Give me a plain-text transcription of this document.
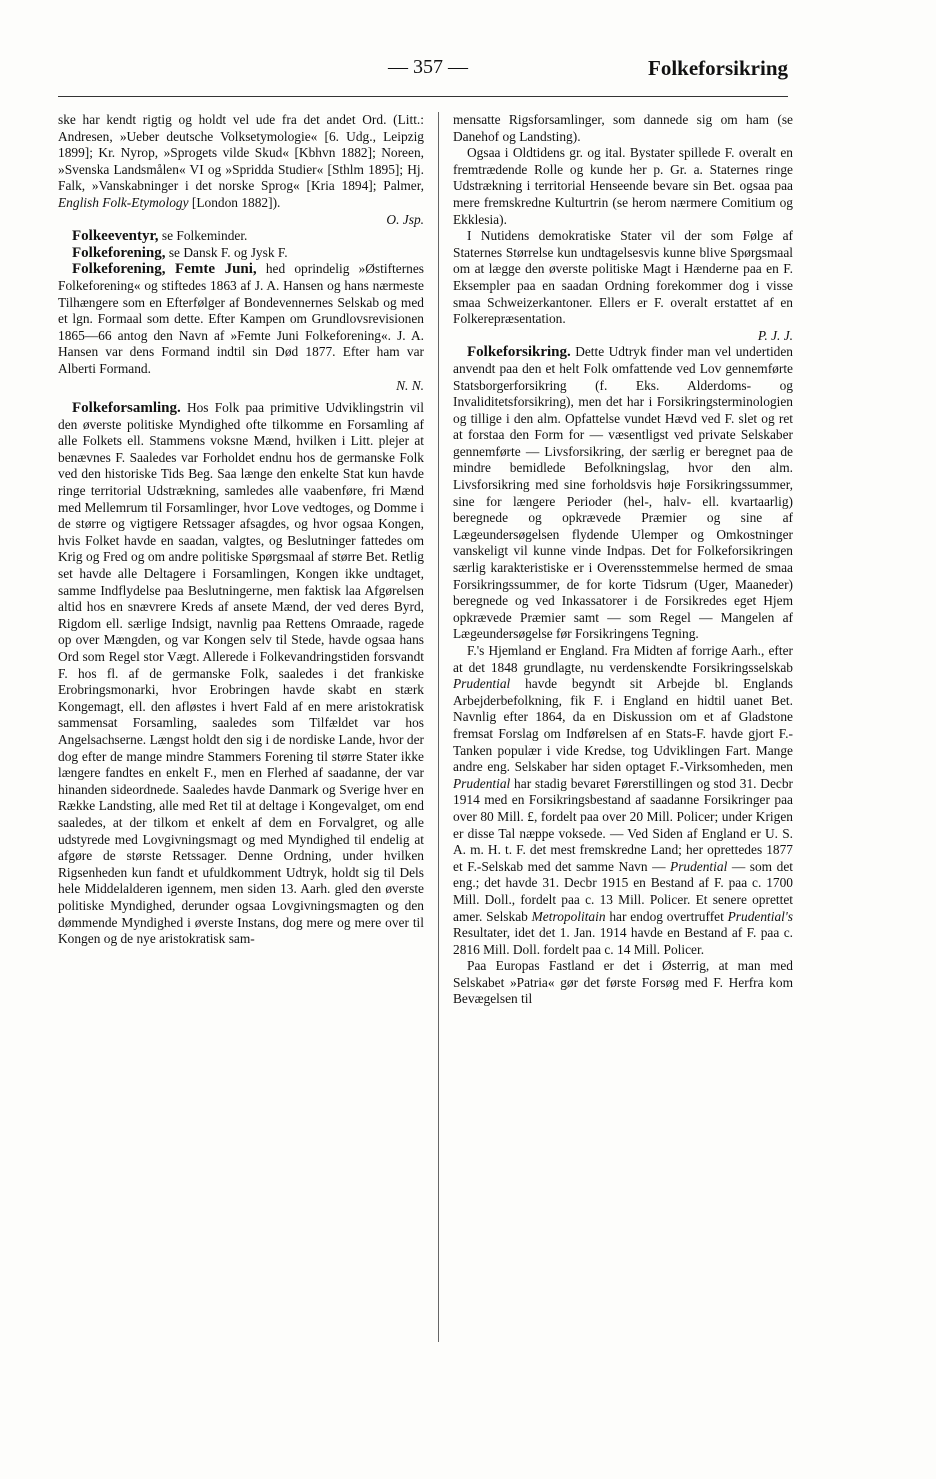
— 357 —	Folkeforsikring

ske har kendt rigtig og holdt vel ude fra det andet Ord. (Litt.: Andresen, »Ueber deutsche Volksetymologie« [6. Udg., Leipzig 1899]; Kr. Nyrop, »Sprogets vilde Skud« [Kbhvn 1882]; Noreen, »Svenska Landsmålen« VI og »Spridda Studier« [Sthlm 1895]; Hj. Falk, »Vanskabninger i det norske Sprog« [Kria 1894]; Palmer, English Folk-Etymology [London 1882]).

O. Jsp.

Folkeeventyr, se Folkeminder.

Folkeforening, se Dansk F. og Jysk F.

Folkeforening, Femte Juni, hed oprindelig »Østifternes Folkeforening« og stiftedes 1863 af J. A. Hansen og hans nærmeste Tilhængere som en Efterfølger af Bondevennernes Selskab og med et lgn. Formaal som dette. Efter Kampen om Grundlovsrevisionen 1865—66 antog den Navn af »Femte Juni Folkeforening«. J. A. Hansen var dens Formand indtil sin Død 1877. Efter ham var Alberti Formand.

N. N.

Folkeforsamling. Hos Folk paa primitive Udviklingstrin vil den øverste politiske Myndighed ofte tilkomme en Forsamling af alle Folkets ell. Stammens voksne Mænd, hvilken i Litt. plejer at benævnes F. Saaledes var Forholdet endnu hos de germanske Folk ved den historiske Tids Beg. Saa længe den enkelte Stat kun havde ringe territorial Udstrækning, samledes alle vaabenføre, fri Mænd med Mellemrum til Forsamlinger, hvor Love vedtoges, og Domme i de større og vigtigere Retssager afsagdes, og hvor ogsaa Kongen, hvis Folket havde en saadan, valgtes, og Beslutninger fattedes om Krig og Fred og om andre politiske Spørgsmaal af større Bet. Retlig set havde alle Deltagere i Forsamlingen, Kongen ikke undtaget, samme Indflydelse paa Beslutningerne, men faktisk laa Afgørelsen altid hos en snævrere Kreds af ansete Mænd, der ved deres Byrd, Rigdom ell. særlige Indsigt, navnlig paa Rettens Omraade, ragede op over Mængden, og var Kongen selv til Stede, havde ogsaa hans Ord som Regel stor Vægt. Allerede i Folkevandringstiden forsvandt F. hos fl. af de germanske Folk, saaledes i det frankiske Erobringsmonarki, hvor Erobringen havde skabt en stærk Kongemagt, ell. den afløstes i hvert Fald af en mere aristokratisk sammensat Forsamling, saaledes som Tilfældet var hos Angelsachserne. Længst holdt den sig i de nordiske Lande, hvor der dog efter de mange mindre Stammers Forening til større Stater ikke længere fandtes en enkelt F., men en Flerhed af saadanne, der var hinanden sideordnede. Saaledes havde Danmark og Sverige hver en Række Landsting, alle med Ret til at deltage i Kongevalget, om end saaledes, at der tilkom et enkelt af dem en Forvalgret, og alle udstyrede med Lovgivningsmagt og med Myndighed til endelig at afgøre de største Retssager. Denne Ordning, under hvilken Rigsenheden kun fandt et ufuldkomment Udtryk, holdt sig til Dels hele Middelalderen igennem, men siden 13. Aarh. gled den øverste politiske Myndighed, derunder ogsaa Lovgivningsmagten og den dømmende Myndighed i øverste Instans, dog mere og mere over til Kongen og de nye aristokratisk sam-

mensatte Rigsforsamlinger, som dannede sig om ham (se Danehof og Landsting).

Ogsaa i Oldtidens gr. og ital. Bystater spillede F. overalt en fremtrædende Rolle og kunde her p. Gr. a. Staternes ringe Udstrækning i territorial Henseende bevare sin Bet. ogsaa paa mere fremskredne Kulturtrin (se herom nærmere Comitium og Ekklesia).

I Nutidens demokratiske Stater vil der som Følge af Staternes Størrelse kun undtagelsesvis kunne blive Spørgsmaal om at lægge den øverste politiske Magt i Hænderne paa en F. Eksempler paa en saadan Ordning forekommer dog i visse smaa Schweizerkantoner. Ellers er F. overalt erstattet af en Folkerepræsentation.

P. J. J.

Folkeforsikring. Dette Udtryk finder man vel undertiden anvendt paa den et helt Folk omfattende ved Lov gennemførte Statsborgerforsikring (f. Eks. Alderdoms- og Invaliditetsforsikring), men det har i Forsikringsterminologien og tillige i den alm. Opfattelse vundet Hævd ved F. slet og ret at forstaa den Form for — væsentligst ved private Selskaber gennemførte — Livsforsikring, der særlig er beregnet paa de mindre bemidlede Befolkningslag, hvor den alm. Livsforsikring med sine forholdsvis høje Forsikringssummer, sine for længere Perioder (hel-, halv- ell. kvartaarlig) beregnede og opkrævede Præmier og sine af Lægeundersøgelsen flydende Ulemper og Omkostninger vanskeligt vil kunne vinde Indpas. Det for Folkeforsikringen særlig karakteristiske er i Overensstemmelse hermed de smaa Forsikringssummer, de for korte Tidsrum (Uger, Maaneder) beregnede og ved Inkassatorer i de Forsikredes eget Hjem opkrævede Præmier samt — som Regel — Mangelen af Lægeundersøgelse før Forsikringens Tegning.

F.'s Hjemland er England. Fra Midten af forrige Aarh., efter at det 1848 grundlagte, nu verdenskendte Forsikringsselskab Prudential havde begyndt sit Arbejde bl. Englands Arbejderbefolkning, fik F. i England en hidtil uanet Bet. Navnlig efter 1864, da en Diskussion om et af Gladstone fremsat Forslag om Indførelsen af en Stats-F. havde gjort F.-Tanken populær i vide Kredse, tog Udviklingen Fart. Mange andre eng. Selskaber har siden optaget F.-Virksomheden, men Prudential har stadig bevaret Førerstillingen og stod 31. Decbr 1914 med en Forsikringsbestand af saadanne Forsikringer paa over 80 Mill. £, fordelt paa over 20 Mill. Policer; under Krigen er disse Tal næppe voksede. — Ved Siden af England er U. S. A. m. H. t. F. det mest fremskredne Land; her oprettedes 1877 et F.-Selskab med det samme Navn — Prudential — som det eng.; det havde 31. Decbr 1915 en Bestand af F. paa c. 1700 Mill. Doll., fordelt paa c. 13 Mill. Policer. Et senere oprettet amer. Selskab Metropolitain har endog overtruffet Prudential's Resultater, idet det 1. Jan. 1914 havde en Bestand af F. paa c. 2816 Mill. Doll. fordelt paa c. 14 Mill. Policer.

Paa Europas Fastland er det i Østerrig, at man med Selskabet »Patria« gør det første Forsøg med F. Herfra kom Bevægelsen til
